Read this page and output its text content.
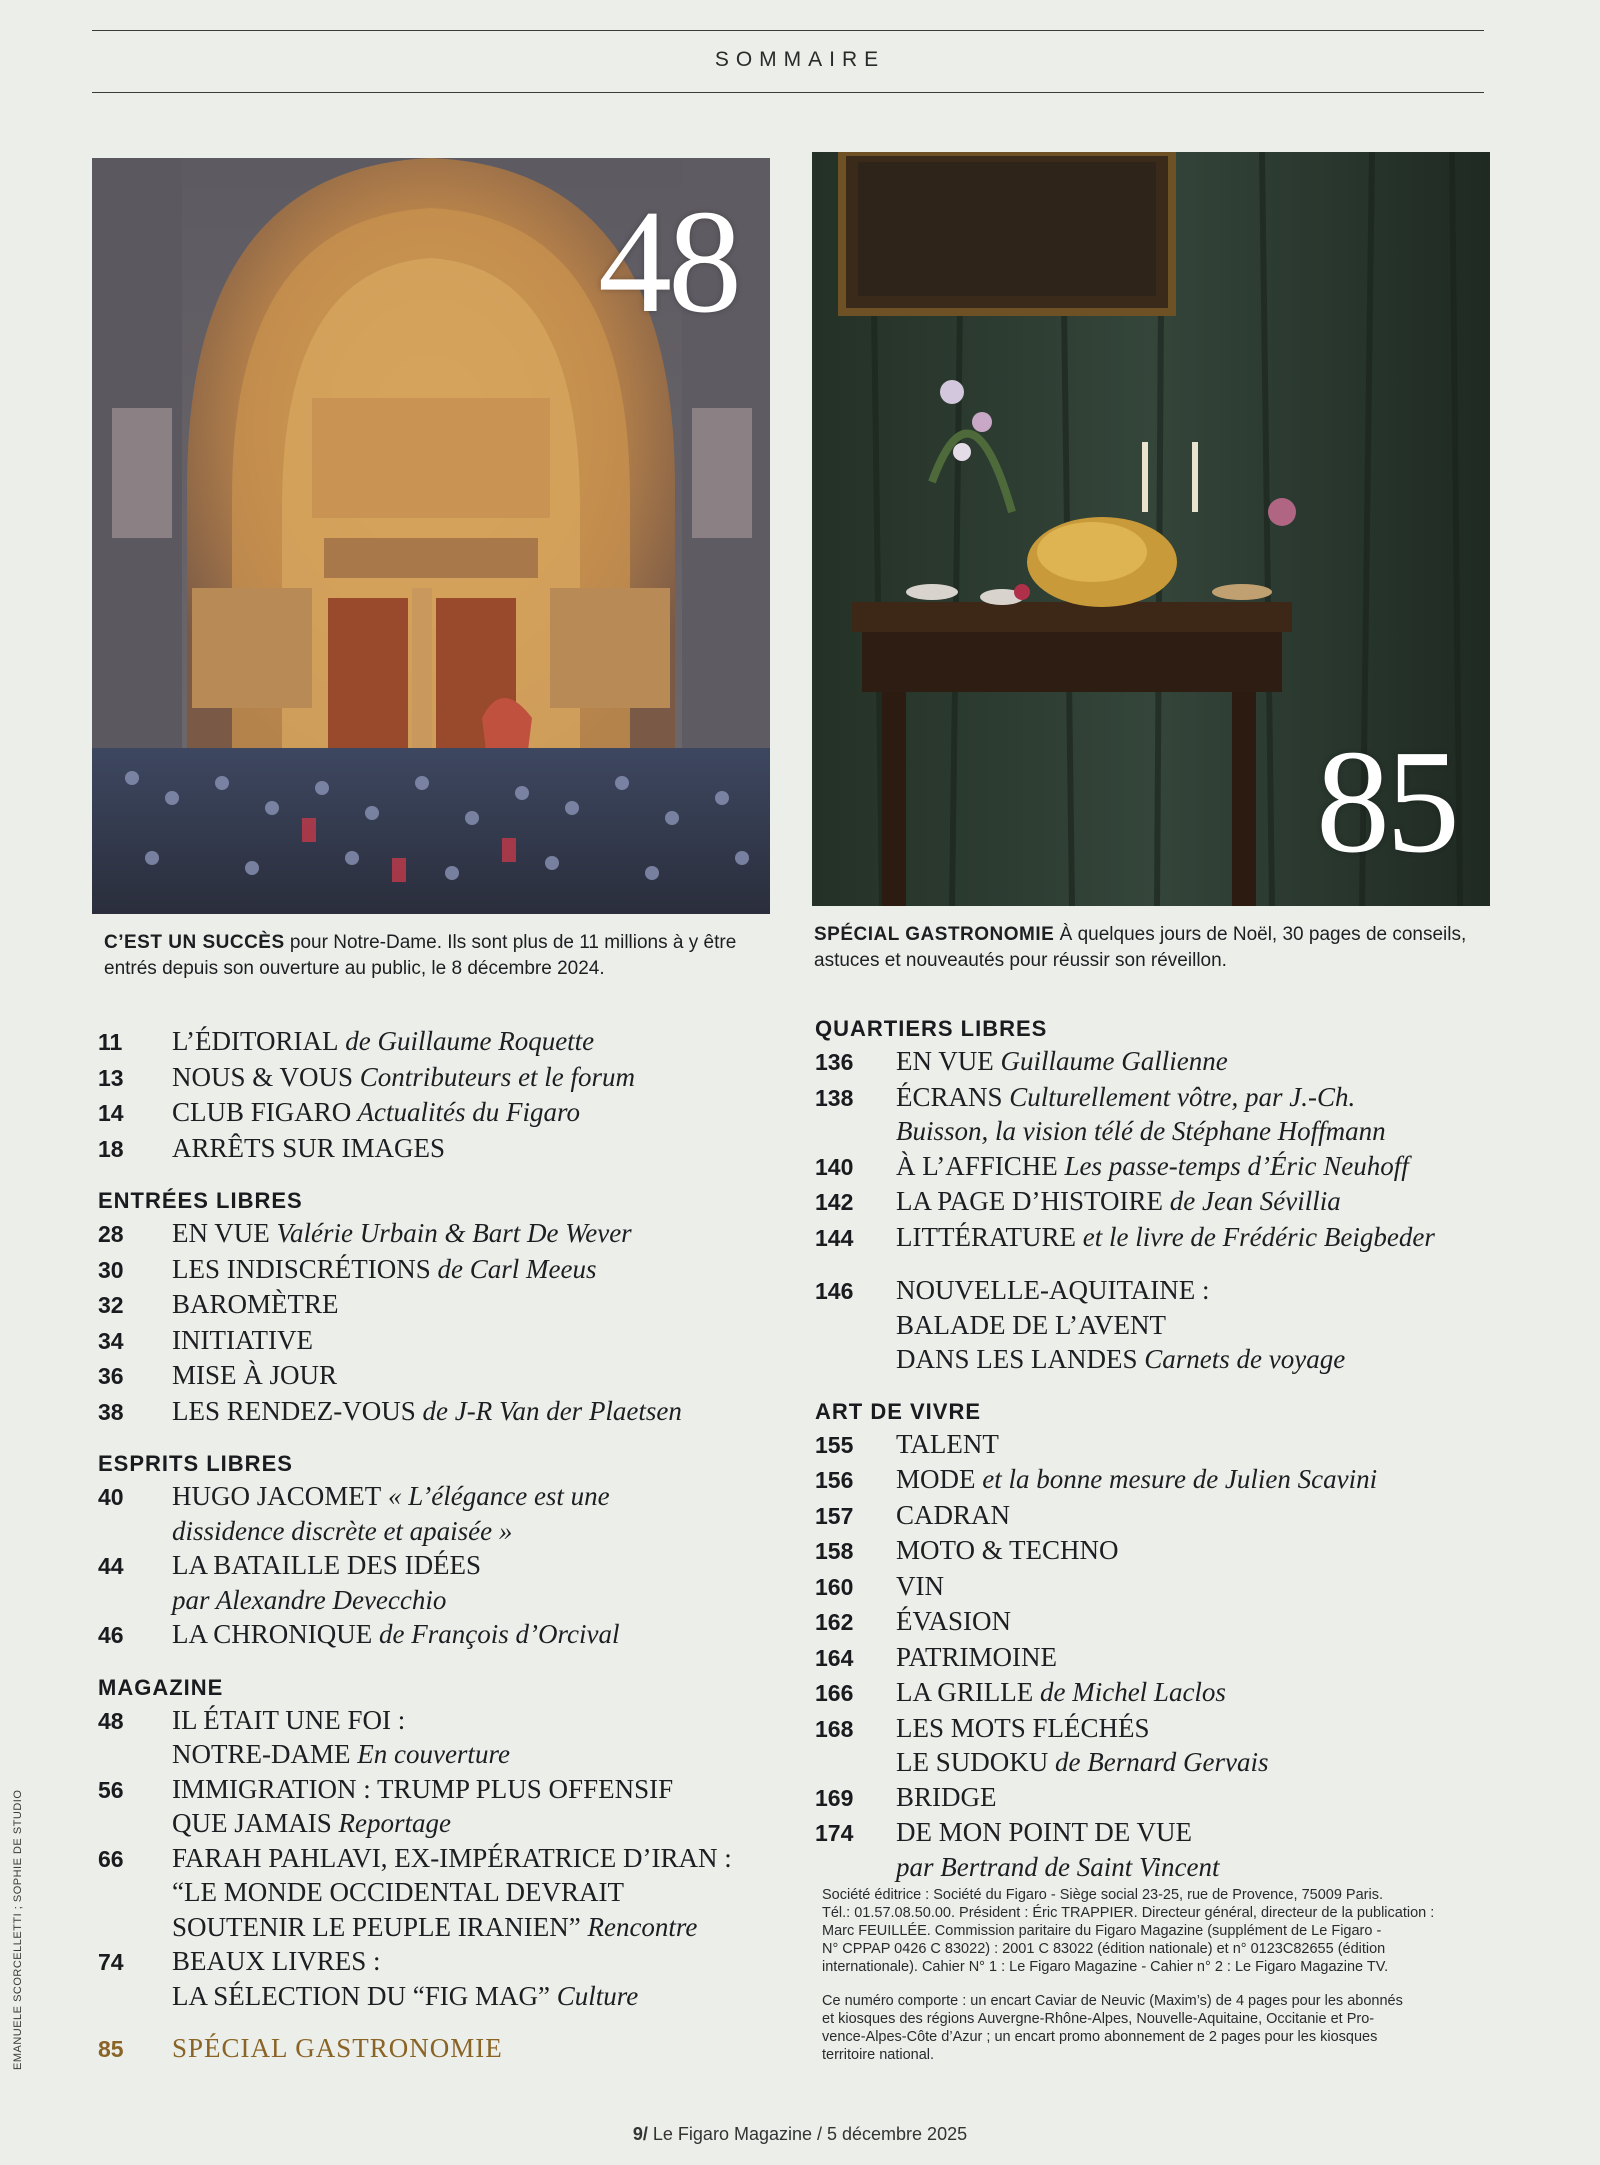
SOMMAIRE
48
85
C’EST UN SUCCÈS pour Notre-Dame. Ils sont plus de 11 millions à y être entrés depuis son ouverture au public, le 8 décembre 2024.
SPÉCIAL GASTRONOMIE À quelques jours de Noël, 30 pages de conseils, astuces et nouveautés pour réussir son réveillon.
11	L’ÉDITORIAL de Guillaume Roquette
13	NOUS & VOUS Contributeurs et le forum
14	CLUB FIGARO Actualités du Figaro
18	ARRÊTS SUR IMAGES
ENTRÉES LIBRES
28	EN VUE Valérie Urbain & Bart De Wever
30	LES INDISCRÉTIONS de Carl Meeus
32	BAROMÈTRE
34	INITIATIVE
36	MISE À JOUR
38	LES RENDEZ-VOUS de J-R Van der Plaetsen
ESPRITS LIBRES
40	HUGO JACOMET « L’élégance est une
dissidence discrète et apaisée »
44	LA BATAILLE DES IDÉES
par Alexandre Devecchio
46	LA CHRONIQUE de François d’Orcival
MAGAZINE
48	IL ÉTAIT UNE FOI :
NOTRE-DAME En couverture
56	IMMIGRATION : TRUMP PLUS OFFENSIF
QUE JAMAIS Reportage
66	FARAH PAHLAVI, EX-IMPÉRATRICE D’IRAN :
“LE MONDE OCCIDENTAL DEVRAIT
SOUTENIR LE PEUPLE IRANIEN” Rencontre
74	BEAUX LIVRES :
LA SÉLECTION DU “FIG MAG” Culture
85	SPÉCIAL GASTRONOMIE
QUARTIERS LIBRES
136	EN VUE Guillaume Gallienne
138	ÉCRANS Culturellement vôtre, par J.-Ch.
Buisson, la vision télé de Stéphane Hoffmann
140	À L’AFFICHE Les passe-temps d’Éric Neuhoff
142	LA PAGE D’HISTOIRE de Jean Sévillia
144	LITTÉRATURE et le livre de Frédéric Beigbeder
146	NOUVELLE-AQUITAINE :
BALADE DE L’AVENT
DANS LES LANDES Carnets de voyage
ART DE VIVRE
155	TALENT
156	MODE et la bonne mesure de Julien Scavini
157	CADRAN
158	MOTO & TECHNO
160	VIN
162	ÉVASION
164	PATRIMOINE
166	LA GRILLE de Michel Laclos
168	LES MOTS FLÉCHÉS
LE SUDOKU de Bernard Gervais
169	BRIDGE
174	DE MON POINT DE VUE
par Bertrand de Saint Vincent
Société éditrice : Société du Figaro - Siège social 23-25, rue de Provence, 75009 Paris.
Tél.: 01.57.08.50.00. Président : Éric TRAPPIER. Directeur général, directeur de la publication :
Marc FEUILLÉE. Commission paritaire du Figaro Magazine (supplément de Le Figaro -
N° CPPAP 0426 C 83022) : 2001 C 83022 (édition nationale) et n° 0123C82655 (édition
internationale). Cahier N° 1 : Le Figaro Magazine - Cahier n° 2 : Le Figaro Magazine TV.
Ce numéro comporte : un encart Caviar de Neuvic (Maxim’s) de 4 pages pour les abonnés
et kiosques des régions Auvergne-Rhône-Alpes, Nouvelle-Aquitaine, Occitanie et Pro-
vence-Alpes-Côte d’Azur ; un encart promo abonnement de 2 pages pour les kiosques
territoire national.
EMANUELE SCORCELLETTI ; SOPHIE DE STUDIO
9/ Le Figaro Magazine / 5 décembre 2025
